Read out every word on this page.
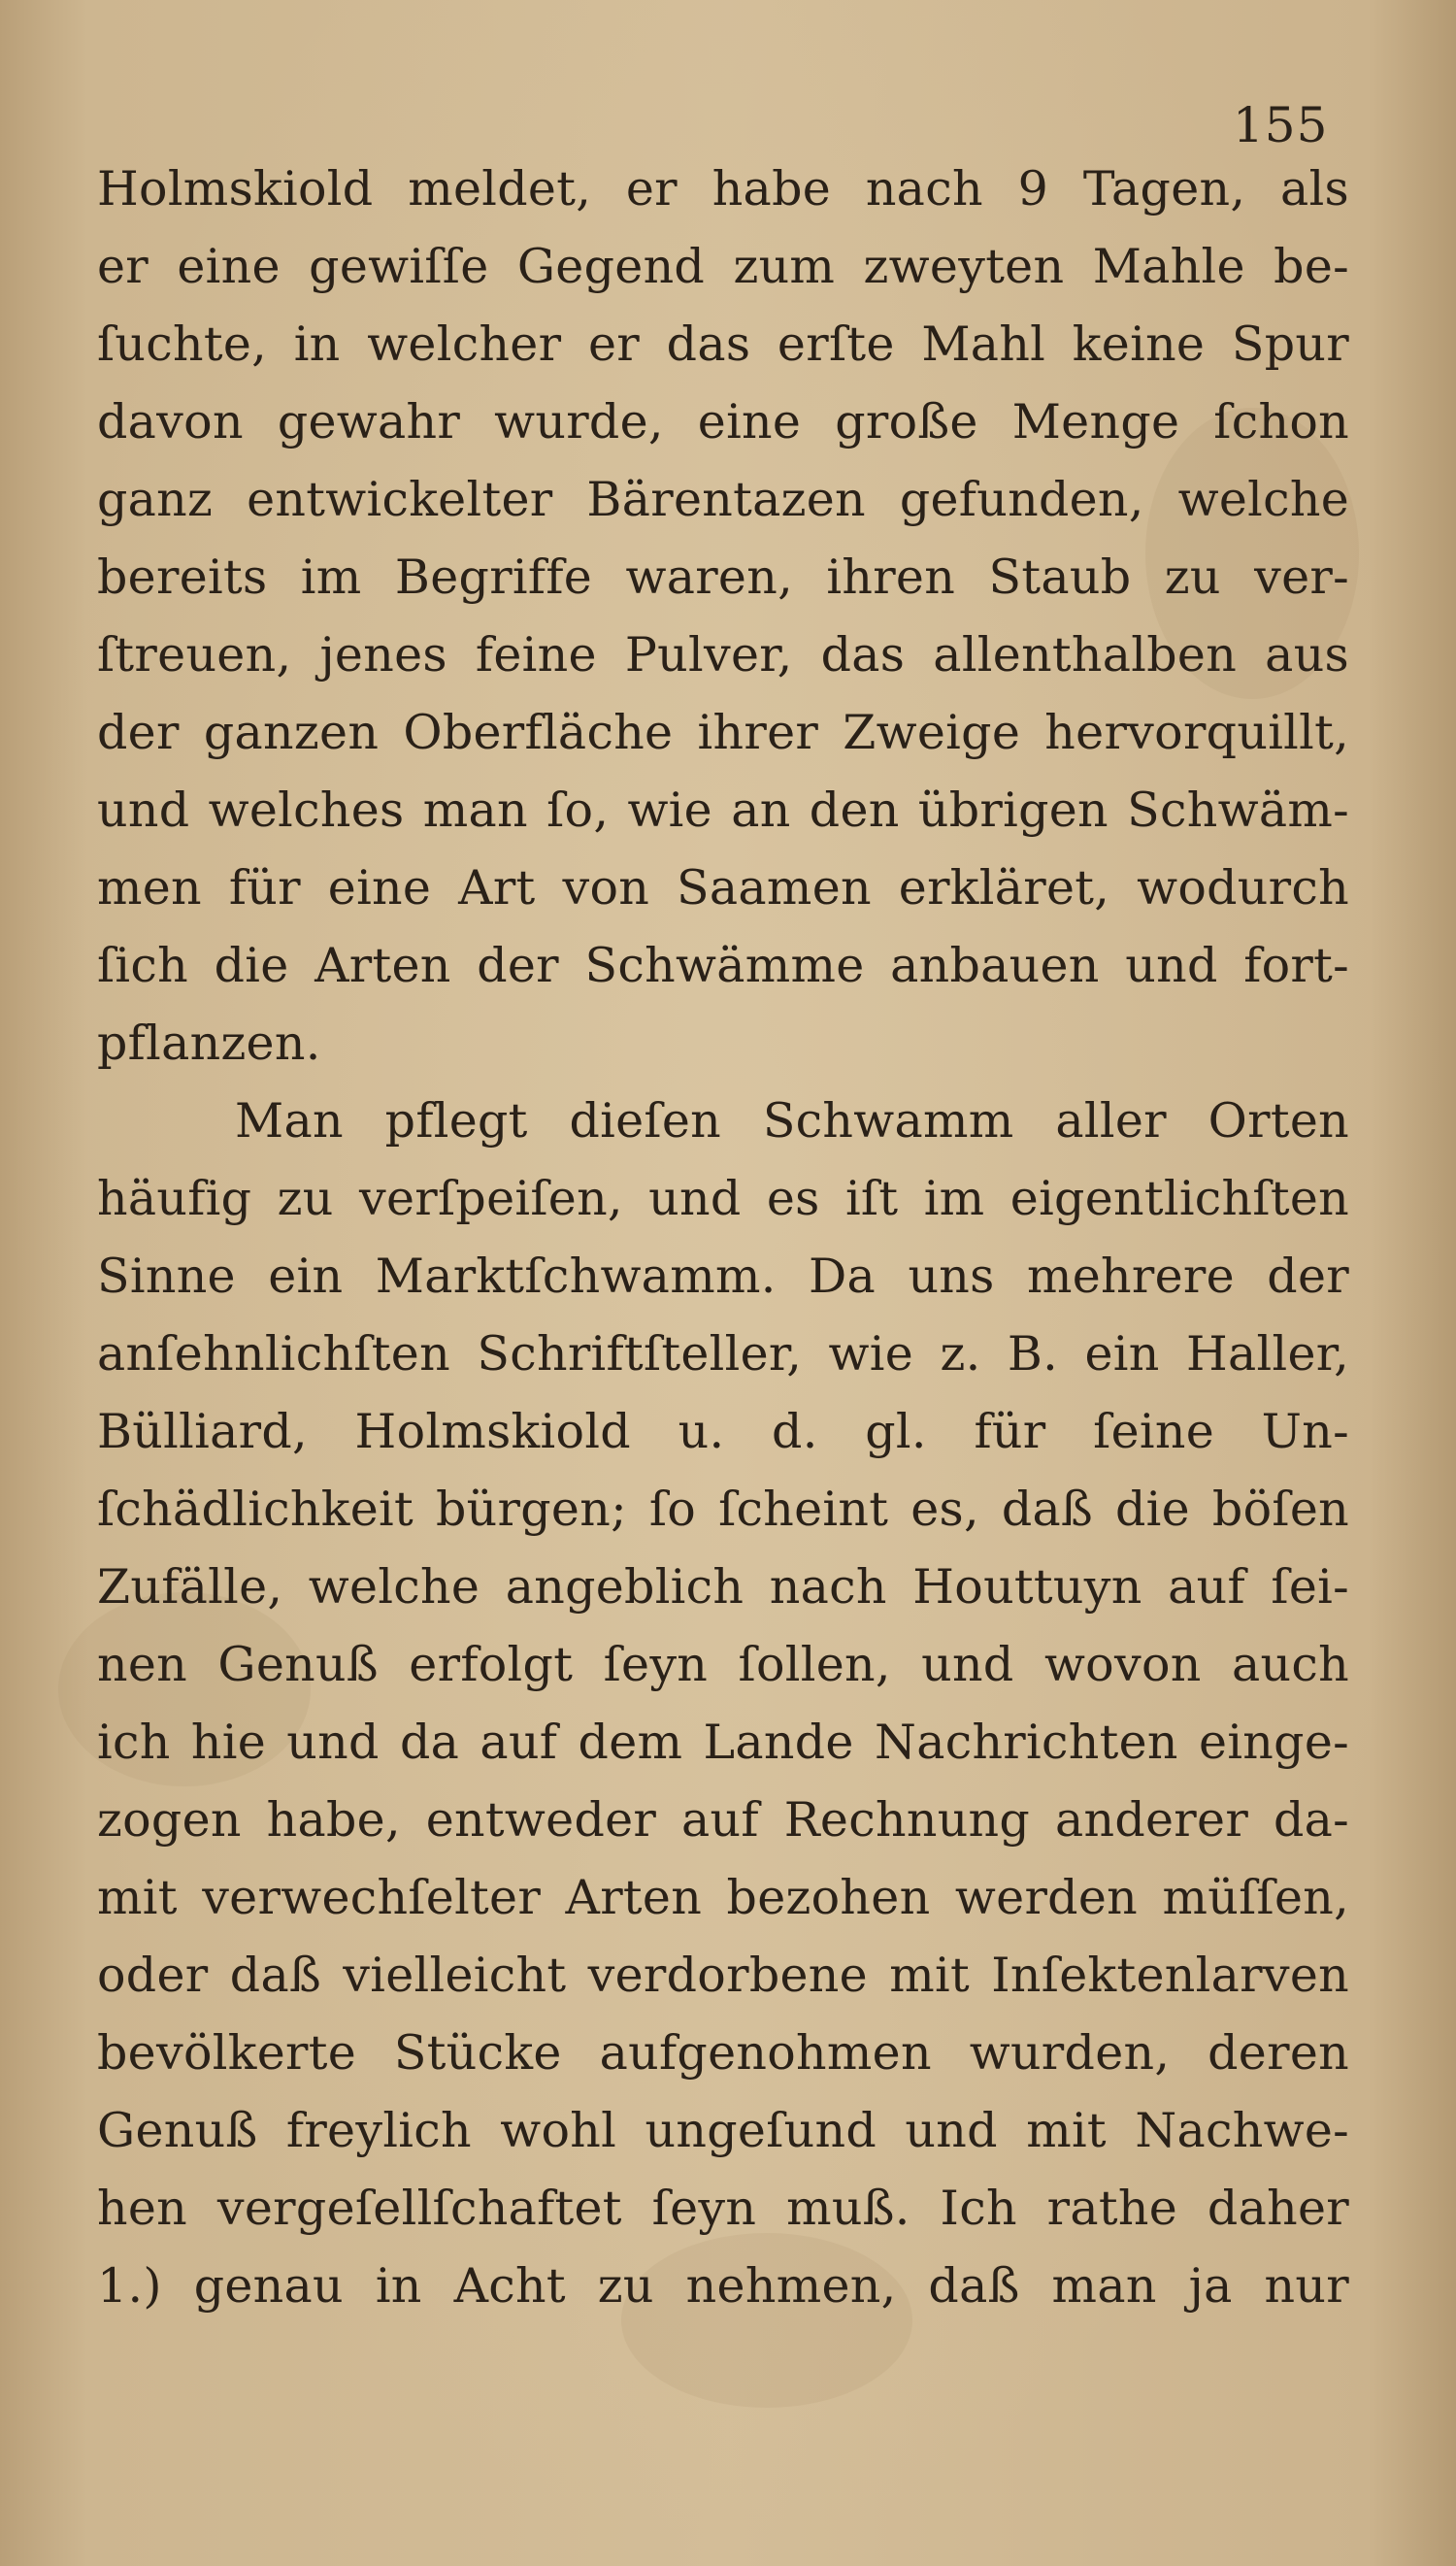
155
Holmskiold meldet, er habe nach 9 Tagen, als
er eine gewiſſe Gegend zum zweyten Mahle be-
ſuchte, in welcher er das erſte Mahl keine Spur
davon gewahr wurde, eine große Menge ſchon
ganz entwickelter Bärentazen gefunden, welche
bereits im Begriffe waren, ihren Staub zu ver-
ſtreuen, jenes feine Pulver, das allenthalben aus
der ganzen Oberfläche ihrer Zweige hervorquillt,
und welches man ſo, wie an den übrigen Schwäm-
men für eine Art von Saamen erkläret, wodurch
ſich die Arten der Schwämme anbauen und fort-
pflanzen.
Man pflegt dieſen Schwamm aller Orten
häufig zu verſpeiſen, und es iſt im eigentlichſten
Sinne ein Marktſchwamm. Da uns mehrere der
anſehnlichſten Schriftſteller, wie z. B. ein Haller,
Bülliard, Holmskiold u. d. gl. für ſeine Un-
ſchädlichkeit bürgen; ſo ſcheint es, daß die böſen
Zufälle, welche angeblich nach Houttuyn auf ſei-
nen Genuß erfolgt ſeyn ſollen, und wovon auch
ich hie und da auf dem Lande Nachrichten einge-
zogen habe, entweder auf Rechnung anderer da-
mit verwechſelter Arten bezohen werden müſſen,
oder daß vielleicht verdorbene mit Inſektenlarven
bevölkerte Stücke aufgenohmen wurden, deren
Genuß freylich wohl ungeſund und mit Nachwe-
hen vergeſellſchaftet ſeyn muß. Ich rathe daher
1.) genau in Acht zu nehmen, daß man ja nur
